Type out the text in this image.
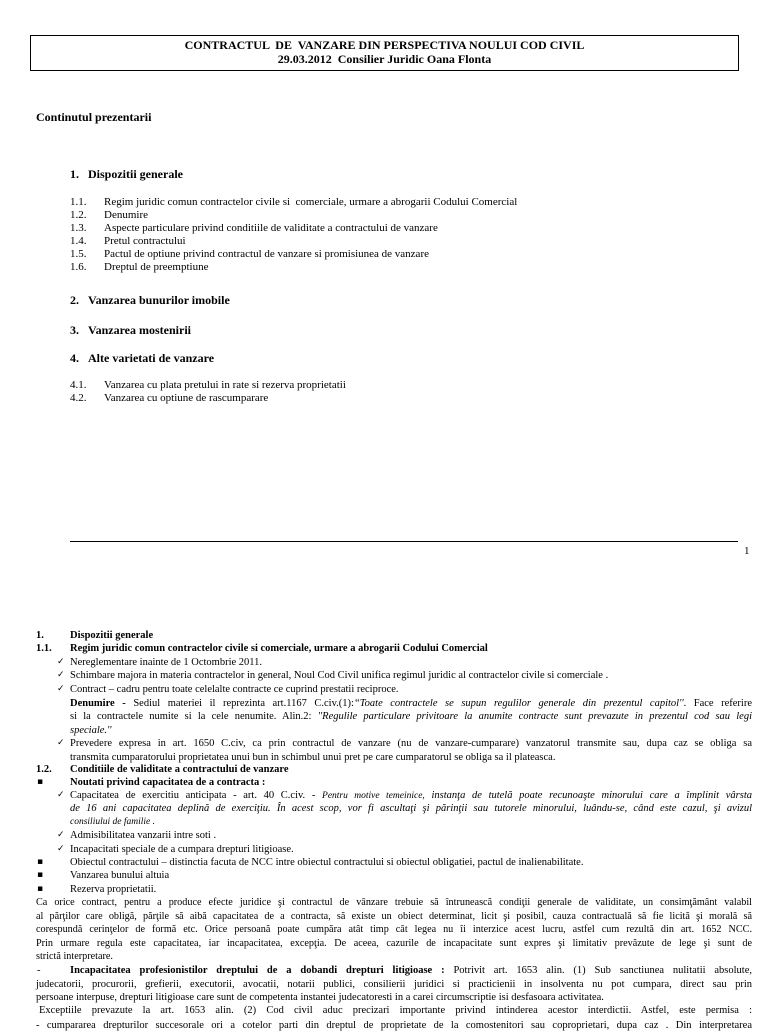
CONTRACTUL  DE  VANZARE DIN PERSPECTIVA NOULUI COD CIVIL
29.03.2012  Consilier Juridic Oana Flonta
Continutul prezentarii
1. Dispozitii generale
1.1. Regim juridic comun contractelor civile si  comerciale, urmare a abrogarii Codului Comercial
1.2. Denumire
1.3. Aspecte particulare privind conditiile de validitate a contractului de vanzare
1.4. Pretul contractului
1.5. Pactul de optiune privind contractul de vanzare si promisiunea de vanzare
1.6. Dreptul de preemptiune
2. Vanzarea bunurilor imobile
3. Vanzarea mostenirii
4. Alte varietati de vanzare
4.1. Vanzarea cu plata pretului in rate si rezerva proprietatii
4.2. Vanzarea cu optiune de rascumparare
1
1. Dispozitii generale
1.1. Regim juridic comun contractelor civile si comerciale, urmare a abrogarii Codului Comercial
✓
Nereglementare inainte de 1 Octombrie 2011.
✓
Schimbare majora in materia contractelor in general, Noul Cod Civil unifica regimul juridic al contractelor civile si comerciale .
✓
Contract – cadru pentru toate celelalte contracte ce cuprind prestatii reciproce.
Denumire - Sediul materiei il reprezinta art.1167 C.civ.(1):“Toate contractele se supun regulilor generale din prezentul capitol''. Face referire
si la contractele numite si la cele nenumite. Alin.2: ''Regulile particulare privitoare la anumite contracte sunt prevazute in prezentul cod sau legi
speciale.''
✓
Prevedere expresa in art. 1650 C.civ, ca prin contractul de vanzare (nu de vanzare-cumparare) vanzatorul transmite sau, dupa caz se obliga sa
transmita cumparatorului proprietatea unui bun in schimbul unui pret pe care cumparatorul se obliga sa il plateasca.
1.2. Conditiile de validitate a contractului de vanzare
▪
Noutati privind capacitatea de a contracta :
✓
Capacitatea de exercitiu anticipata - art. 40 C.civ. - Pentru motive temeinice, instanţa de tutelă poate recunoaşte minorului care a împlinit vârsta
de 16 ani capacitatea deplină de exerciţiu. În acest scop, vor fi ascultaţi şi părinţii sau tutorele minorului, luându-se, când este cazul, şi avizul
consiliului de familie .
✓
Admisibilitatea vanzarii intre soti .
✓
Incapacitati speciale de a cumpara drepturi litigioase.
▪
Obiectul contractului – distinctia facuta de NCC intre obiectul contractului si obiectul obligatiei, pactul de inalienabilitate.
▪
Vanzarea bunului altuia
▪
Rezerva proprietatii.
Ca orice contract, pentru a produce efecte juridice şi contractul de vânzare trebuie să întrunească condiţii generale de validitate, un consimţământ valabil
al părţilor care obligă, părţile să aibă capacitatea de a contracta, să existe un obiect determinat, licit şi posibil, cauza contractuală să fie licită şi morală să
corespundă cerinţelor de formă etc. Orice persoană poate cumpăra atât timp cât legea nu îi interzice acest lucru, astfel cum rezultă din art. 1652 NCC.
Prin urmare regula este capacitatea, iar incapacitatea, excepţia. De aceea, cazurile de incapacitate sunt expres şi limitativ prevăzute de lege şi sunt de
strictă interpretare.
-	Incapacitatea profesionistilor dreptului de a dobandi drepturi litigioase : Potrivit art. 1653 alin. (1) Sub sanctiunea nulitatii absolute,
judecatorii, procurorii, grefierii, executorii, avocatii, notarii publici, consilierii juridici si practicienii in insolventa nu pot cumpara, direct sau prin
persoane interpuse, drepturi litigioase care sunt de competenta instantei judecatoresti in a carei circumscriptie isi desfasoara activitatea.
Exceptiile prevazute la art. 1653 alin. (2) Cod civil aduc precizari importante privind intinderea acestor interdictii. Astfel, este permisa :
- cumpararea drepturilor succesorale ori a cotelor parti din dreptul de proprietate de la comostenitori sau coproprietari, dupa caz . Din interpretarea
